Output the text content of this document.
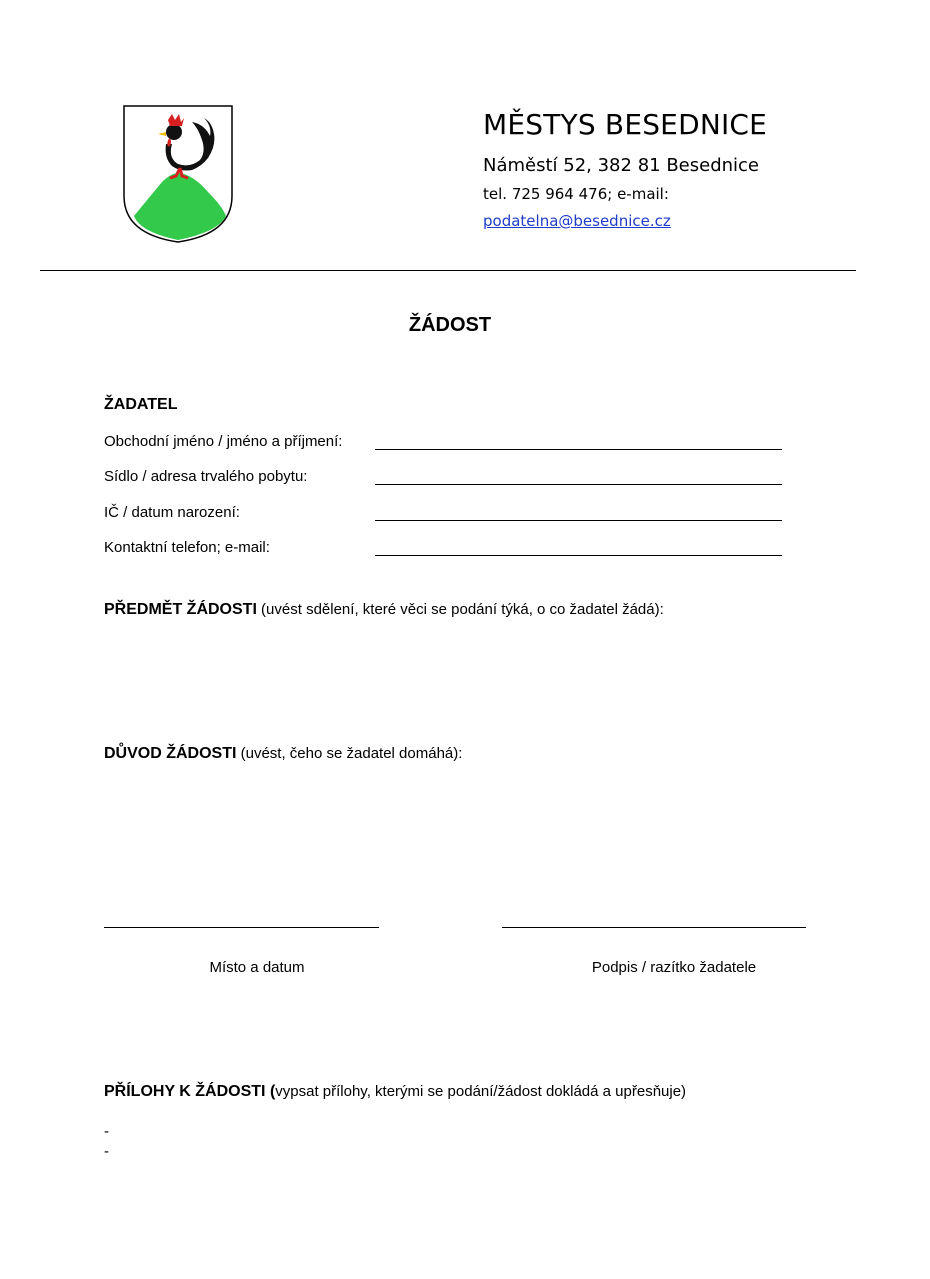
MĚSTYS BESEDNICE
Náměstí 52, 382 81 Besednice
tel. 725 964 476; e-mail:
podatelna@besednice.cz
ŽÁDOST
ŽADATEL
Obchodní jméno / jméno a příjmení:
Sídlo / adresa trvalého pobytu:
IČ / datum narození:
Kontaktní telefon; e-mail:
PŘEDMĚT ŽÁDOSTI (uvést sdělení, které věci se podání týká, o co žadatel žádá):
DŮVOD ŽÁDOSTI (uvést, čeho se žadatel domáhá):
Místo a datum	Podpis / razítko žadatele
PŘÍLOHY K ŽÁDOSTI (vypsat přílohy, kterými se podání/žádost dokládá a upřesňuje)
-
-
